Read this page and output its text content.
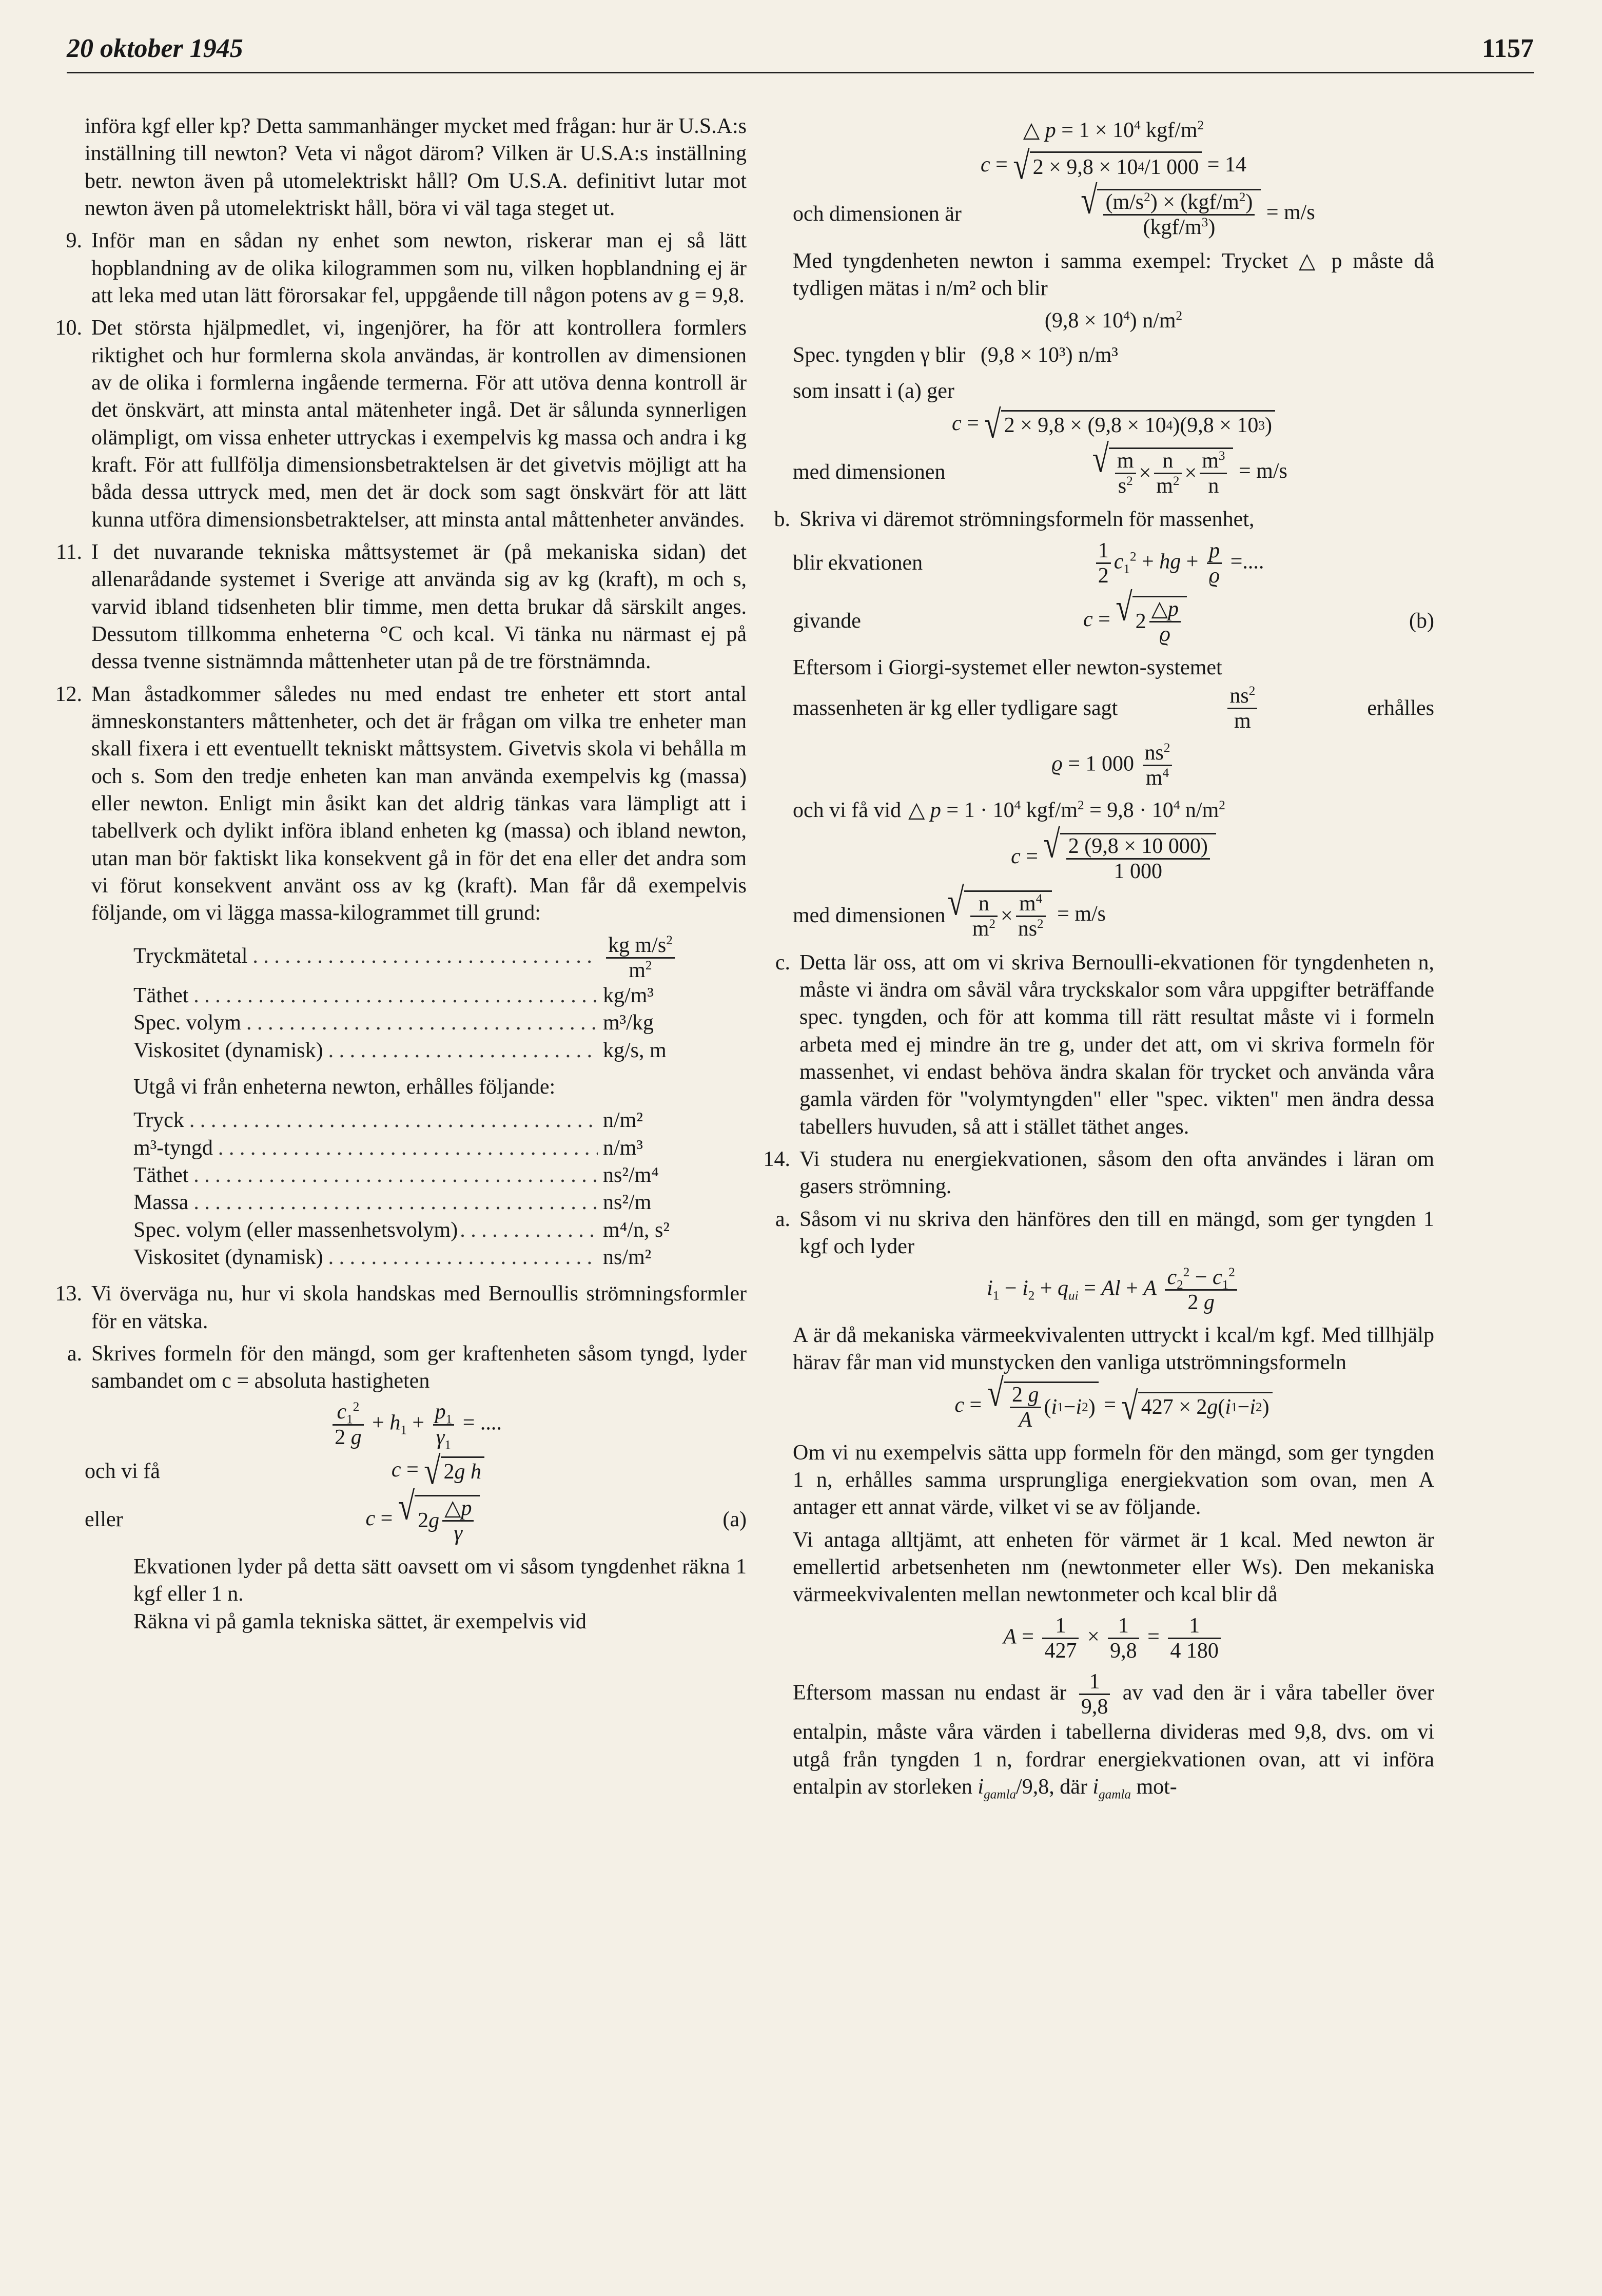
20 oktober 1945	1157

införa kgf eller kp? Detta sammanhänger mycket med frågan: hur är U.S.A:s inställning till newton? Veta vi något därom? Vilken är U.S.A:s inställning betr. newton även på utomelektriskt håll? Om U.S.A. definitivt lutar mot newton även på utomelektriskt håll, böra vi väl taga steget ut.

9. Inför man en sådan ny enhet som newton, riskerar man ej så lätt hopblandning av de olika kilogrammen som nu, vilken hopblandning ej är att leka med utan lätt förorsakar fel, uppgående till någon potens av g = 9,8.
10. Det största hjälpmedlet, vi, ingenjörer, ha för att kontrollera formlers riktighet och hur formlerna skola användas, är kontrollen av dimensionen av de olika i formlerna ingående termerna. För att utöva denna kontroll är det önskvärt, att minsta antal mätenheter ingå. Det är sålunda synnerligen olämpligt, om vissa enheter uttryckas i exempelvis kg massa och andra i kg kraft. För att fullfölja dimensionsbetraktelsen är det givetvis möjligt att ha båda dessa uttryck med, men det är dock som sagt önskvärt för att lätt kunna utföra dimensionsbetraktelser, att minsta antal måttenheter användes.
11. I det nuvarande tekniska måttsystemet är (på mekaniska sidan) det allenarådande systemet i Sverige att använda sig av kg (kraft), m och s, varvid ibland tidsenheten blir timme, men detta brukar då särskilt anges. Dessutom tillkomma enheterna °C och kcal. Vi tänka nu närmast ej på dessa tvenne sistnämnda måttenheter utan på de tre förstnämnda.
12. Man åstadkommer således nu med endast tre enheter ett stort antal ämneskonstanters måttenheter, och det är frågan om vilka tre enheter man skall fixera i ett eventuellt tekniskt måttsystem. Givetvis skola vi behålla m och s. Som den tredje enheten kan man använda exempelvis kg (massa) eller newton. Enligt min åsikt kan det aldrig tänkas vara lämpligt att i tabellverk och dylikt införa ibland enheten kg (massa) och ibland newton, utan man bör faktiskt lika konsekvent gå in för det ena eller det andra som vi förut konsekvent använt oss av kg (kraft). Man får då exempelvis följande, om vi lägga massa-kilogrammet till grund:
Tryckmätetal . . .	$\frac{kg m/s^2}{m^2}$
Täthet . . .	kg/m³
Spec. volym . . .	m³/kg
Viskositet (dynamisk) . . .	kg/s, m

Utgå vi från enheterna newton, erhålles följande:

Tryck . . .	n/m²
m³-tyngd . . .	n/m³
Täthet . . .	ns²/m⁴
Massa . . .	ns²/m
Spec. volym (eller massenhetsvolym) . . .	m⁴/n, s²
Viskositet (dynamisk) . . .	ns/m²
13. Vi överväga nu, hur vi skola handskas med Bernoullis strömningsformler för en vätska.
a. Skrives formeln för den mängd, som ger kraftenheten såsom tyngd, lyder sambandet om c = absoluta hastigheten
$\frac{c_1^2}{2 g} + h_1 + \frac{p_1}{\gamma_1}$ = ....
och vi få	c = √ 2 g h
eller	c = √ 2 g $\frac{\triangle p}{\gamma}$	(a)

Ekvationen lyder på detta sätt oavsett om vi såsom tyngdenhet räkna 1 kgf eller 1 n.

Räkna vi på gamla tekniska sättet, är exempelvis vid

△ $p = 1 \times 10^4$ kgf/$m^2$
c = √ 2 × 9,8 × 10 4 /1 000 = 14
och dimensionen är	√ $\frac{(m/s^2) \times (kgf/m^2)}{(kgf/m^3)} = m/s$

Med tyngdenheten newton i samma exempel: Trycket △ p måste då tydligen mätas i n/m² och blir

$(9,8 \times 10^4)$ $n/m^2$
Spec. tyngden γ blir (9,8 × 10³) n/m³

som insatt i (a) ger

c = √ 2 × 9,8 × (9,8 × 10 4 )(9,8 × 10 3 )
med dimensionen	√ $\frac{m}{s^2} \times \frac{n}{m^2} \times \frac{m^3}{n} = m/s$
b. Skriva vi däremot strömningsformeln för massenhet,
blir ekvationen	$\frac{1}{2} c_1^2$ + hg + $\frac{p}{ϱ}$ =....
givande	c = √ $2 \frac{\triangle p}{ϱ}$	(b)

Eftersom i Giorgi-systemet eller newton-systemet

massenheten är kg eller tydligare sagt	$\frac{ns^2}{m}$	erhålles
ϱ = 1 $000 \frac{ns^2}{m^4}$
och vi få vid △ $p = 1 \cdot 10^4$ kgf/$m^2 = 9,8 \cdot 10^4$ $n/m^2$
c = √ $\frac{2 (9,8 \times 10 000)}{1 000}$
med dimensionen √ $\frac{n}{m^2} \times \frac{m^4}{ns^2} = m/s$
c. Detta lär oss, att om vi skriva Bernoulli-ekvationen för tyngdenheten n, måste vi ändra om såväl våra tryckskalor som våra uppgifter beträffande spec. tyngden, och för att komma till rätt resultat måste vi i formeln arbeta med ej mindre än tre g, under det att, om vi skriva formeln för massenhet, vi endast behöva ändra skalan för trycket och använda våra gamla värden för "volymtyngden" eller "spec. vikten" men ändra dessa tabellers huvuden, så att i stället täthet anges.
14. Vi studera nu energiekvationen, såsom den ofta användes i läran om gasers strömning.
a. Såsom vi nu skriva den hänföres den till en mängd, som ger tyngden 1 kgf och lyder
$i_1 - i_2 + q_{ui} = Al + A \frac{c_2^2 - c_1^2}{2 g}$

A är då mekaniska värmeekvivalenten uttryckt i kcal/m kgf. Med tillhjälp härav får man vid munstycken den vanliga utströmningsformeln

c = √ $\frac{2 g}{A}$ ( i 1 − i 2 ) = √ 427 × 2 g ( i 1 − i 2 )

Om vi nu exempelvis sätta upp formeln för den mängd, som ger tyngden 1 n, erhålles samma ursprungliga energiekvation som ovan, men A antager ett annat värde, vilket vi se av följande.

Vi antaga alltjämt, att enheten för värmet är 1 kcal. Med newton är emellertid arbetsenheten nm (newtonmeter eller Ws). Den mekaniska värmeekvivalenten mellan newtonmeter och kcal blir då

$A = \frac{1}{427} \times \frac{1}{9,8} = \frac{1}{4 180}$

Eftersom massan nu endast är $\frac{1}{9,8}$ av vad den är i våra tabeller över entalpin, måste våra värden i tabellerna divideras med 9,8, dvs. om vi utgå från tyngden 1 n, fordrar energiekvationen ovan, att vi införa entalpin av storleken $i_{gamla}/9,8$, där $i_{gamla}$ mot-
